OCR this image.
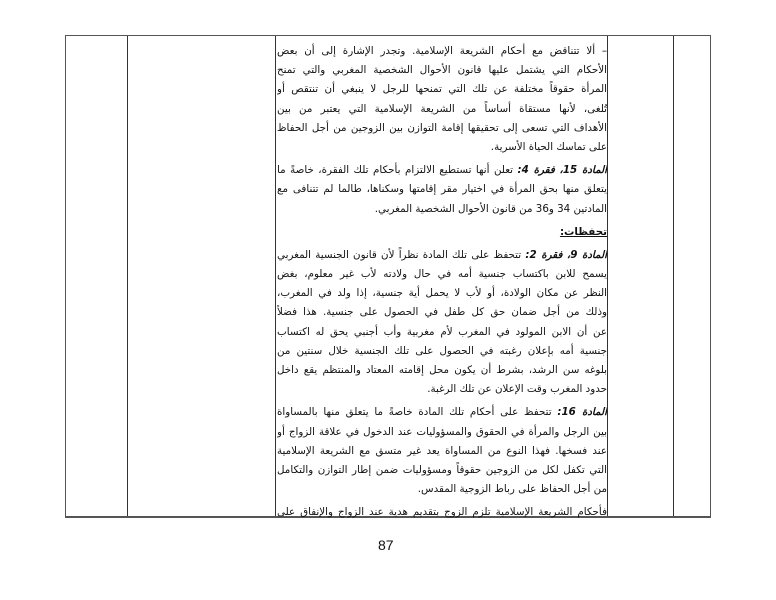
– ألا تتناقض مع أحكام الشريعة الإسلامية. وتجدر الإشارة إلى أن بعض
الأحكام التي يشتمل عليها قانون الأحوال الشخصية المغربي والتي تمنح
المرأة حقوقاً مختلفة عن تلك التي تمنحها للرجل لا ينبغي أن تنتقص أو
تُلغى، لأنها مستقاة أساساً من الشريعة الإسلامية التي يعتبر من بين
الأهداف التي تسعى إلى تحقيقها إقامة التوازن بين الزوجين من أجل الحفاظ
على تماسك الحياة الأسرية.
المادة 15، فقرة 4: تعلن أنها تستطيع الالتزام بأحكام تلك الفقرة، خاصةً ما
يتعلق منها بحق المرأة في اختيار مقر إقامتها وسكناها، طالما لم تتنافى مع
المادتين 34 و36 من قانون الأحوال الشخصية المغربي.
تحفظات:
المادة 9، فقرة 2: تتحفظ على تلك المادة نظراً لأن قانون الجنسية المغربي
يسمح للابن باكتساب جنسية أمه في حال ولادته لأب غير معلوم، بغض
النظر عن مكان الولادة، أو لأب لا يحمل أية جنسية، إذا ولد في المغرب،
وذلك من أجل ضمان حق كل طفل في الحصول على جنسية. هذا فضلاً
عن أن الابن المولود في المغرب لأم مغربية وأب أجنبي يحق له اكتساب
جنسية أمه بإعلان رغبته في الحصول على تلك الجنسية خلال سنتين من
بلوغه سن الرشد، بشرط أن يكون محل إقامته المعتاد والمنتظم يقع داخل
حدود المغرب وقت الإعلان عن تلك الرغبة.
المادة 16: تتحفظ على أحكام تلك المادة خاصةً ما يتعلق منها بالمساواة
بين الرجل والمرأة في الحقوق والمسؤوليات عند الدخول في علاقة الزواج أو
عند فسخها. فهذا النوع من المساواة يعد غير متسق مع الشريعة الإسلامية
التي تكفل لكل من الزوجين حقوقاً ومسؤوليات ضمن إطار التوازن والتكامل
من أجل الحفاظ على رباط الزوجية المقدس.
فأحكام الشريعة الإسلامية تلزم الزوج بتقديم هدية عند الزواج والإنفاق على
87
